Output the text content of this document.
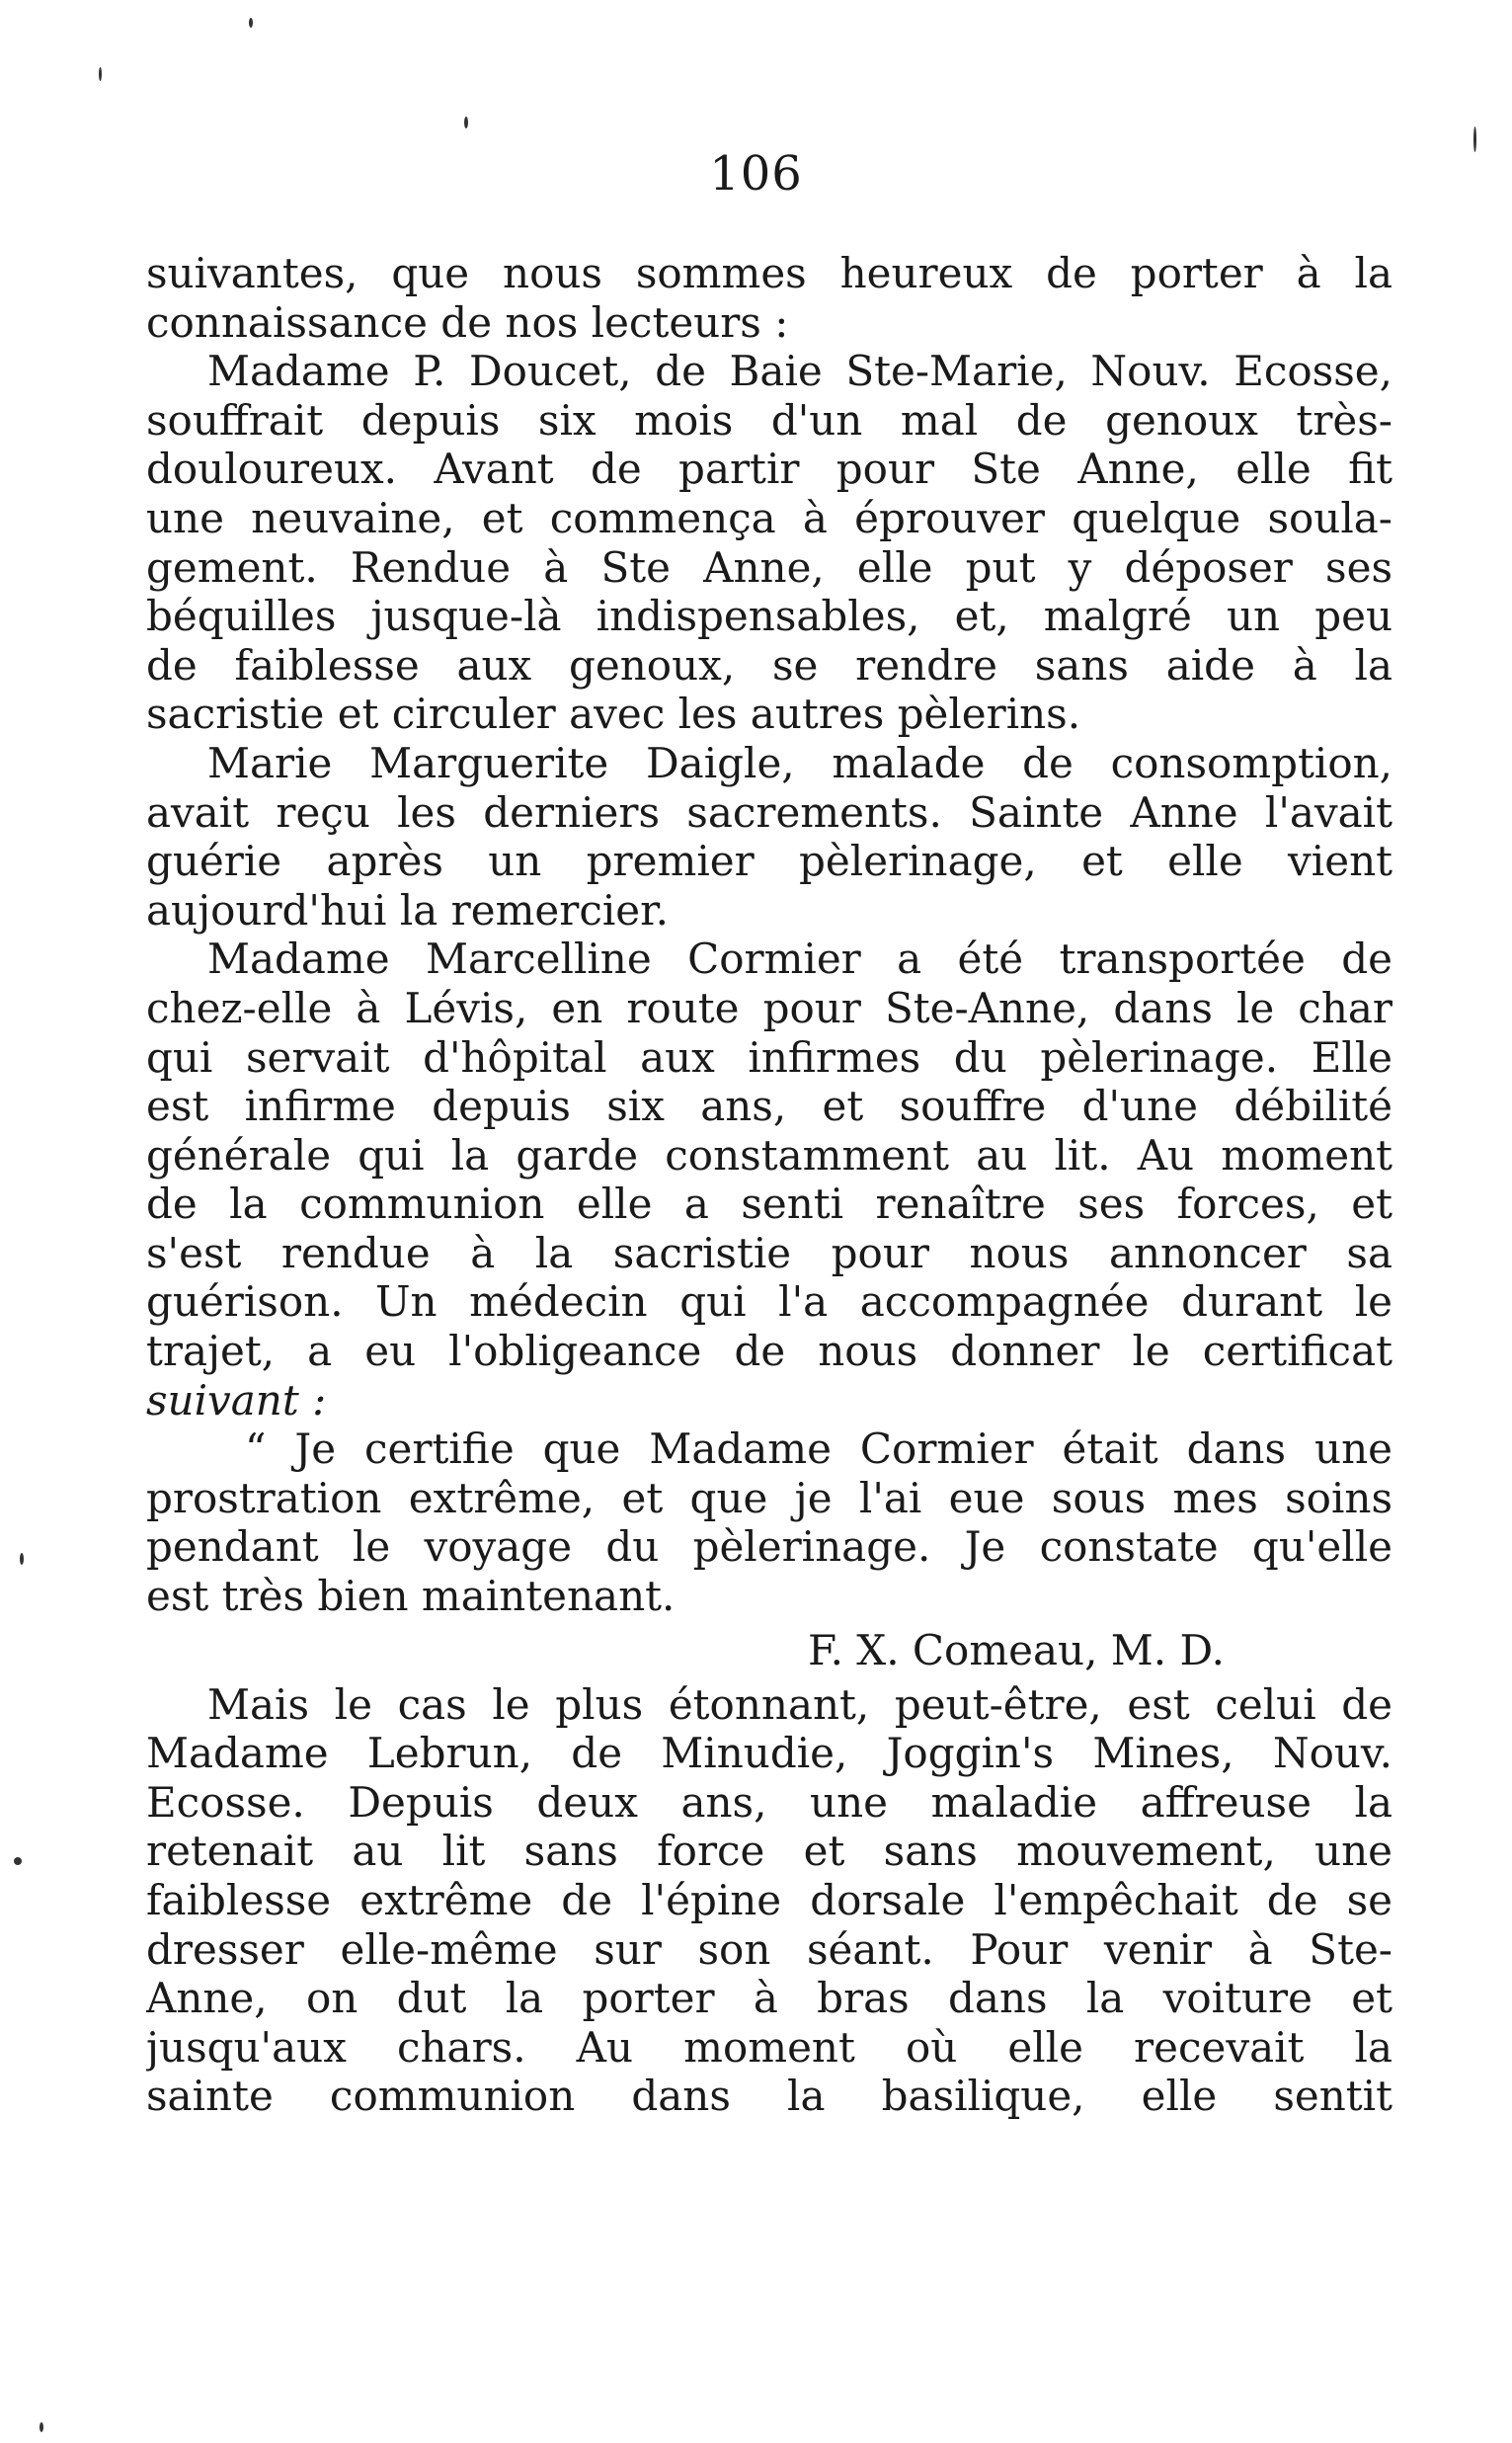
106
suivantes, que nous sommes heureux de porter à la
connaissance de nos lecteurs :
Madame P. Doucet, de Baie Ste-Marie, Nouv. Ecosse,
souffrait depuis six mois d'un mal de genoux très-
douloureux. Avant de partir pour Ste Anne, elle fit
une neuvaine, et commença à éprouver quelque soula-
gement. Rendue à Ste Anne, elle put y déposer ses
béquilles jusque-là indispensables, et, malgré un peu
de faiblesse aux genoux, se rendre sans aide à la
sacristie et circuler avec les autres pèlerins.
Marie Marguerite Daigle, malade de consomption,
avait reçu les derniers sacrements. Sainte Anne l'avait
guérie après un premier pèlerinage, et elle vient
aujourd'hui la remercier.
Madame Marcelline Cormier a été transportée de
chez-elle à Lévis, en route pour Ste-Anne, dans le char
qui servait d'hôpital aux infirmes du pèlerinage. Elle
est infirme depuis six ans, et souffre d'une débilité
générale qui la garde constamment au lit. Au moment
de la communion elle a senti renaître ses forces, et
s'est rendue à la sacristie pour nous annoncer sa
guérison. Un médecin qui l'a accompagnée durant le
trajet, a eu l'obligeance de nous donner le certificat
suivant :
“ Je certifie que Madame Cormier était dans une
prostration extrême, et que je l'ai eue sous mes soins
pendant le voyage du pèlerinage. Je constate qu'elle
est très bien maintenant.
F. X. Comeau, M. D.
Mais le cas le plus étonnant, peut-être, est celui de
Madame Lebrun, de Minudie, Joggin's Mines, Nouv.
Ecosse. Depuis deux ans, une maladie affreuse la
retenait au lit sans force et sans mouvement, une
faiblesse extrême de l'épine dorsale l'empêchait de se
dresser elle-même sur son séant. Pour venir à Ste-
Anne, on dut la porter à bras dans la voiture et
jusqu'aux chars. Au moment où elle recevait la
sainte communion dans la basilique, elle sentit
